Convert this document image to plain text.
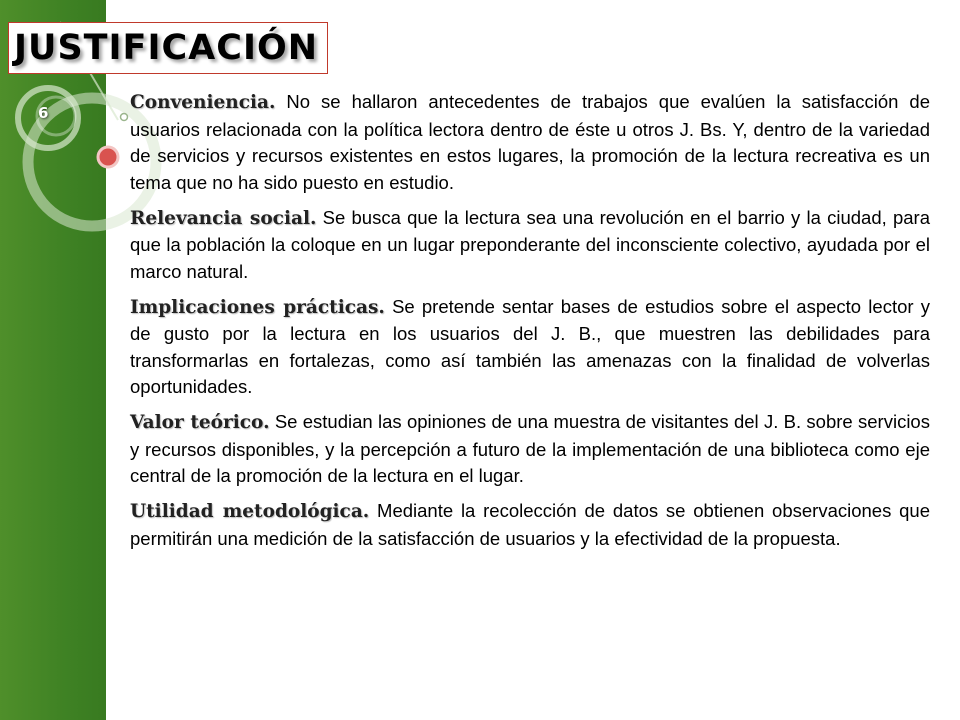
JUSTIFICACIÓN
6	Conveniencia. No se hallaron antecedentes de trabajos que evalúen la satisfacción de usuarios relacionada con la política lectora dentro de éste u otros J. Bs. Y, dentro de la variedad de servicios y recursos existentes en estos lugares, la promoción de la lectura recreativa es un tema que no ha sido puesto en estudio.

Relevancia social. Se busca que la lectura sea una revolución en el barrio y la ciudad, para que la población la coloque en un lugar preponderante del inconsciente colectivo, ayudada por el marco natural.

Implicaciones prácticas. Se pretende sentar bases de estudios sobre el aspecto lector y de gusto por la lectura en los usuarios del J. B., que muestren las debilidades para transformarlas en fortalezas, como así también las amenazas con la finalidad de volverlas oportunidades.

Valor teórico. Se estudian las opiniones de una muestra de visitantes del J. B. sobre servicios y recursos disponibles, y la percepción a futuro de la implementación de una biblioteca como eje central de la promoción de la lectura en el lugar.

Utilidad metodológica. Mediante la recolección de datos se obtienen observaciones que permitirán una medición de la satisfacción de usuarios y la efectividad de la propuesta.
